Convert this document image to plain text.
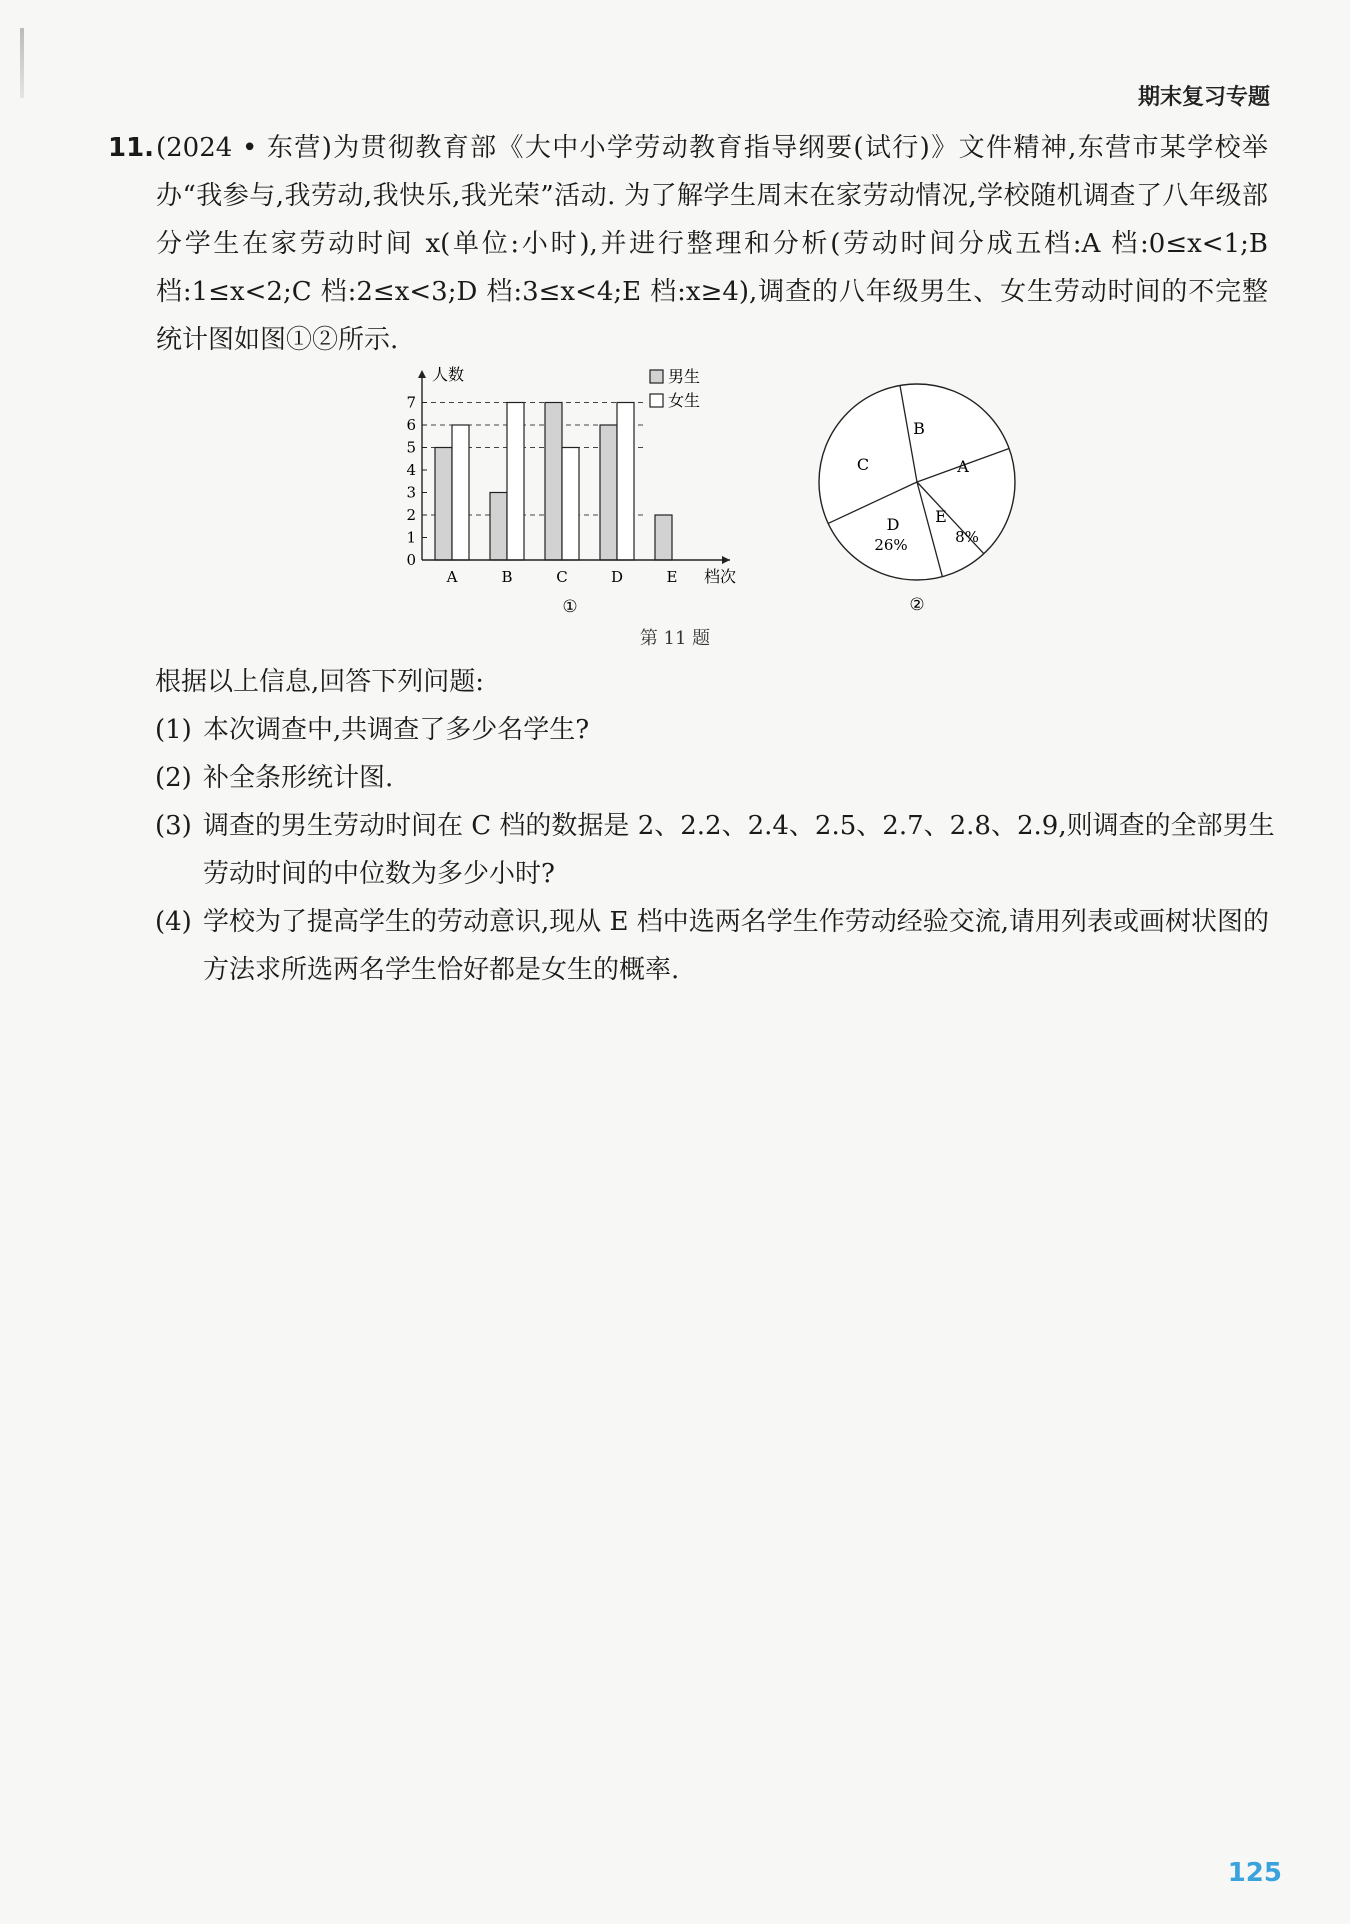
期末复习专题
11. (2024 • 东营)为贯彻教育部《大中小学劳动教育指导纲要(试行)》文件精神,东营市某学校举办“我参与,我劳动,我快乐,我光荣”活动. 为了解学生周末在家劳动情况,学校随机调查了八年级部分学生在家劳动时间 x(单位:小时),并进行整理和分析(劳动时间分成五档:A 档:0≤x<1;B 档:1≤x<2;C 档:2≤x<3;D 档:3≤x<4;E 档:x≥4),调查的八年级男生、女生劳动时间的不完整统计图如图①②所示.
A	B	C	D	E
0
1
2
3
4
5
6
7
人数
档次
男生
女生
①
A
B
C
D
26%
E
8%
②
第 11 题
根据以上信息,回答下列问题:
(1) 本次调查中,共调查了多少名学生?
(2) 补全条形统计图.
(3) 调查的男生劳动时间在 C 档的数据是 2、2.2、2.4、2.5、2.7、2.8、2.9,则调查的全部男生劳动时间的中位数为多少小时?
(4) 学校为了提高学生的劳动意识,现从 E 档中选两名学生作劳动经验交流,请用列表或画树状图的方法求所选两名学生恰好都是女生的概率.
125
